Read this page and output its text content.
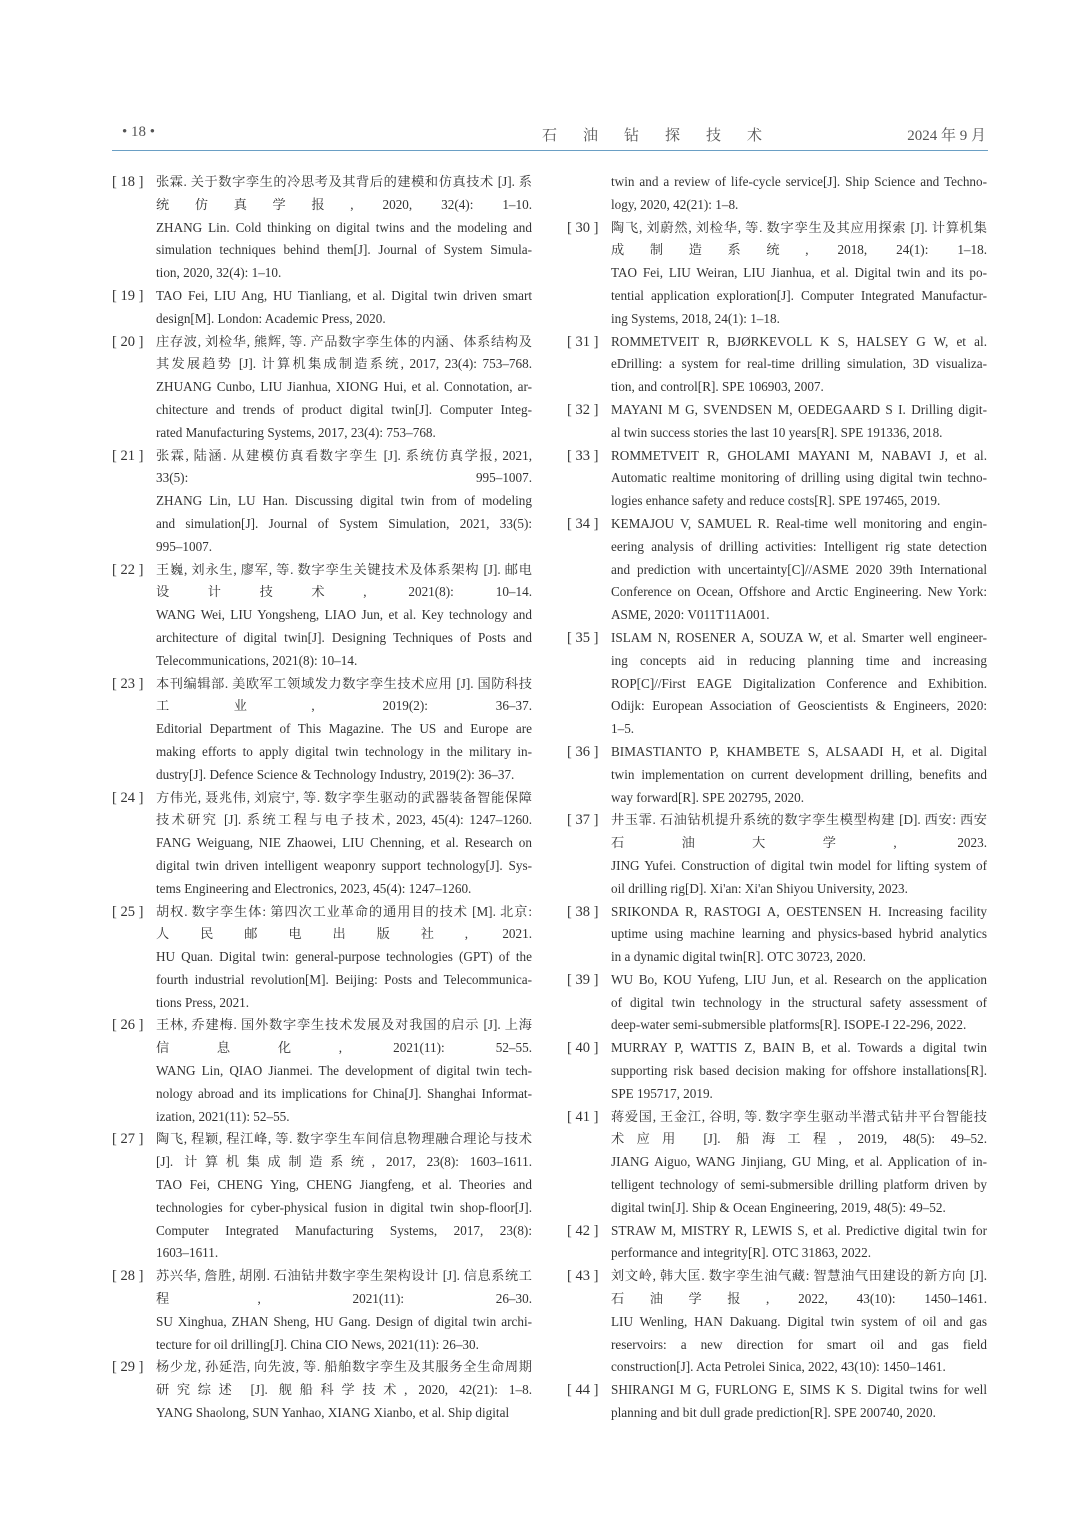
• 18 •	石油钻探技术	2024 年 9 月
[ 18 ] 张霖. 关于数字孪生的冷思考及其背后的建模和仿真技术 [J]. 系
统仿真学报, 2020, 32(4): 1–10.
ZHANG Lin. Cold thinking on digital twins and the modeling and
simulation techniques behind them[J]. Journal of System Simula-
tion, 2020, 32(4): 1–10.
[ 19 ] TAO Fei, LIU Ang, HU Tianliang, et al. Digital twin driven smart
design[M]. London: Academic Press, 2020.
[ 20 ] 庄存波, 刘检华, 熊辉, 等. 产品数字孪生体的内涵、体系结构及
其发展趋势 [J]. 计算机集成制造系统, 2017, 23(4): 753–768.
ZHUANG Cunbo, LIU Jianhua, XIONG Hui, et al. Connotation, ar-
chitecture and trends of product digital twin[J]. Computer Integ-
rated Manufacturing Systems, 2017, 23(4): 753–768.
[ 21 ] 张霖, 陆涵. 从建模仿真看数字孪生 [J]. 系统仿真学报, 2021,
33(5): 995–1007.
ZHANG Lin, LU Han. Discussing digital twin from of modeling
and simulation[J]. Journal of System Simulation, 2021, 33(5):
995–1007.
[ 22 ] 王巍, 刘永生, 廖军, 等. 数字孪生关键技术及体系架构 [J]. 邮电
设计技术, 2021(8): 10–14.
WANG Wei, LIU Yongsheng, LIAO Jun, et al. Key technology and
architecture of digital twin[J]. Designing Techniques of Posts and
Telecommunications, 2021(8): 10–14.
[ 23 ] 本刊编辑部. 美欧军工领域发力数字孪生技术应用 [J]. 国防科技
工业, 2019(2): 36–37.
Editorial Department of This Magazine. The US and Europe are
making efforts to apply digital twin technology in the military in-
dustry[J]. Defence Science & Technology Industry, 2019(2): 36–37.
[ 24 ] 方伟光, 聂兆伟, 刘宸宁, 等. 数字孪生驱动的武器装备智能保障
技术研究 [J]. 系统工程与电子技术, 2023, 45(4): 1247–1260.
FANG Weiguang, NIE Zhaowei, LIU Chenning, et al. Research on
digital twin driven intelligent weaponry support technology[J]. Sys-
tems Engineering and Electronics, 2023, 45(4): 1247–1260.
[ 25 ] 胡权. 数字孪生体: 第四次工业革命的通用目的技术 [M]. 北京:
人民邮电出版社, 2021.
HU Quan. Digital twin: general-purpose technologies (GPT) of the
fourth industrial revolution[M]. Beijing: Posts and Telecommunica-
tions Press, 2021.
[ 26 ] 王林, 乔建梅. 国外数字孪生技术发展及对我国的启示 [J]. 上海
信息化, 2021(11): 52–55.
WANG Lin, QIAO Jianmei. The development of digital twin tech-
nology abroad and its implications for China[J]. Shanghai Informat-
ization, 2021(11): 52–55.
[ 27 ] 陶飞, 程颖, 程江峰, 等. 数字孪生车间信息物理融合理论与技术
[J]. 计算机集成制造系统, 2017, 23(8): 1603–1611.
TAO Fei, CHENG Ying, CHENG Jiangfeng, et al. Theories and
technologies for cyber-physical fusion in digital twin shop-floor[J].
Computer Integrated Manufacturing Systems, 2017, 23(8):
1603–1611.
[ 28 ] 苏兴华, 詹胜, 胡刚. 石油钻井数字孪生架构设计 [J]. 信息系统工
程, 2021(11): 26–30.
SU Xinghua, ZHAN Sheng, HU Gang. Design of digital twin archi-
tecture for oil drilling[J]. China CIO News, 2021(11): 26–30.
[ 29 ] 杨少龙, 孙延浩, 向先波, 等. 船舶数字孪生及其服务全生命周期
研究综述 [J]. 舰船科学技术, 2020, 42(21): 1–8.
YANG Shaolong, SUN Yanhao, XIANG Xianbo, et al. Ship digital
twin and a review of life-cycle service[J]. Ship Science and Techno-
logy, 2020, 42(21): 1–8.
[ 30 ] 陶飞, 刘蔚然, 刘检华, 等. 数字孪生及其应用探索 [J]. 计算机集
成制造系统, 2018, 24(1): 1–18.
TAO Fei, LIU Weiran, LIU Jianhua, et al. Digital twin and its po-
tential application exploration[J]. Computer Integrated Manufactur-
ing Systems, 2018, 24(1): 1–18.
[ 31 ] ROMMETVEIT R, BJØRKEVOLL K S, HALSEY G W, et al.
eDrilling: a system for real-time drilling simulation, 3D visualiza-
tion, and control[R]. SPE 106903, 2007.
[ 32 ] MAYANI M G, SVENDSEN M, OEDEGAARD S I. Drilling digit-
al twin success stories the last 10 years[R]. SPE 191336, 2018.
[ 33 ] ROMMETVEIT R, GHOLAMI MAYANI M, NABAVI J, et al.
Automatic realtime monitoring of drilling using digital twin techno-
logies enhance safety and reduce costs[R]. SPE 197465, 2019.
[ 34 ] KEMAJOU V, SAMUEL R. Real-time well monitoring and engin-
eering analysis of drilling activities: Intelligent rig state detection
and prediction with uncertainty[C]//ASME 2020 39th International
Conference on Ocean, Offshore and Arctic Engineering. New York:
ASME, 2020: V011T11A001.
[ 35 ] ISLAM N, ROSENER A, SOUZA W, et al. Smarter well engineer-
ing concepts aid in reducing planning time and increasing
ROP[C]//First EAGE Digitalization Conference and Exhibition.
Odijk: European Association of Geoscientists & Engineers, 2020:
1–5.
[ 36 ] BIMASTIANTO P, KHAMBETE S, ALSAADI H, et al. Digital
twin implementation on current development drilling, benefits and
way forward[R]. SPE 202795, 2020.
[ 37 ] 井玉霏. 石油钻机提升系统的数字孪生模型构建 [D]. 西安: 西安
石油大学, 2023.
JING Yufei. Construction of digital twin model for lifting system of
oil drilling rig[D]. Xi'an: Xi'an Shiyou University, 2023.
[ 38 ] SRIKONDA R, RASTOGI A, OESTENSEN H. Increasing facility
uptime using machine learning and physics-based hybrid analytics
in a dynamic digital twin[R]. OTC 30723, 2020.
[ 39 ] WU Bo, KOU Yufeng, LIU Jun, et al. Research on the application
of digital twin technology in the structural safety assessment of
deep-water semi-submersible platforms[R]. ISOPE-I 22-296, 2022.
[ 40 ] MURRAY P, WATTIS Z, BAIN B, et al. Towards a digital twin
supporting risk based decision making for offshore installations[R].
SPE 195717, 2019.
[ 41 ] 蒋爱国, 王金江, 谷明, 等. 数字孪生驱动半潜式钻井平台智能技
术应用 [J]. 船海工程, 2019, 48(5): 49–52.
JIANG Aiguo, WANG Jinjiang, GU Ming, et al. Application of in-
telligent technology of semi-submersible drilling platform driven by
digital twin[J]. Ship & Ocean Engineering, 2019, 48(5): 49–52.
[ 42 ] STRAW M, MISTRY R, LEWIS S, et al. Predictive digital twin for
performance and integrity[R]. OTC 31863, 2022.
[ 43 ] 刘文岭, 韩大匡. 数字孪生油气藏: 智慧油气田建设的新方向 [J].
石油学报, 2022, 43(10): 1450–1461.
LIU Wenling, HAN Dakuang. Digital twin system of oil and gas
reservoirs: a new direction for smart oil and gas field
construction[J]. Acta Petrolei Sinica, 2022, 43(10): 1450–1461.
[ 44 ] SHIRANGI M G, FURLONG E, SIMS K S. Digital twins for well
planning and bit dull grade prediction[R]. SPE 200740, 2020.
